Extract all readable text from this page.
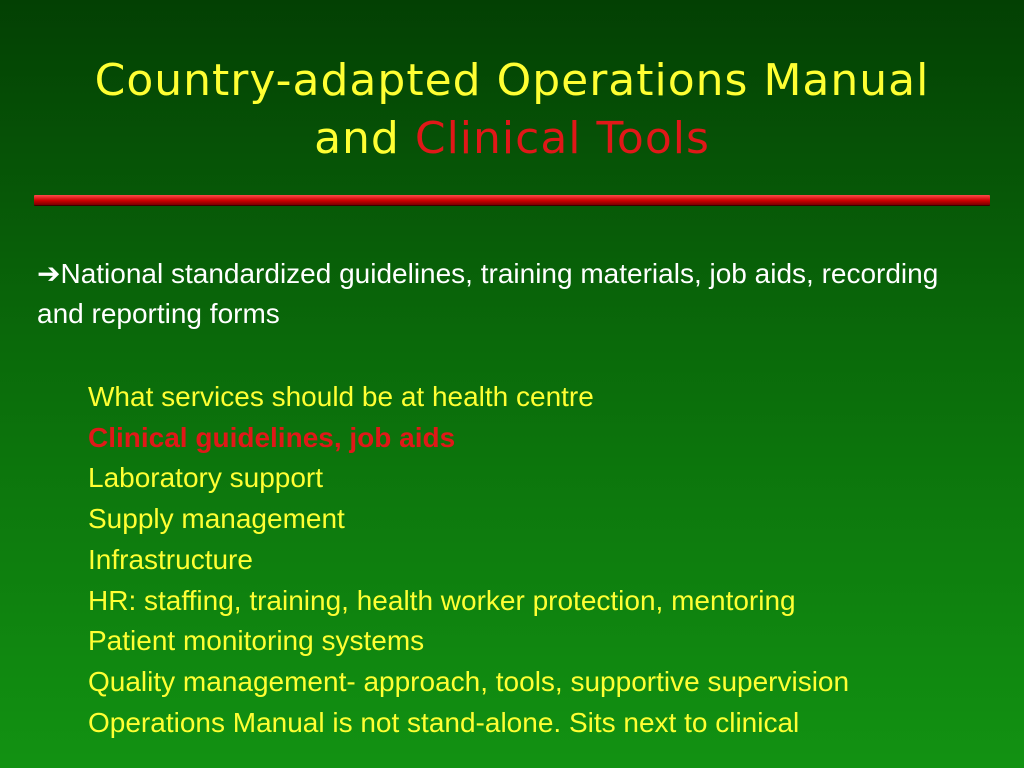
Country-adapted Operations Manual
and Clinical Tools

➔National standardized guidelines, training materials, job aids, recording and reporting forms

What services should be at health centre
Clinical guidelines, job aids
Laboratory support
Supply management
Infrastructure
HR: staffing, training, health worker protection, mentoring
Patient monitoring systems
Quality management- approach, tools, supportive supervision
Operations Manual is not stand-alone. Sits next to clinical
